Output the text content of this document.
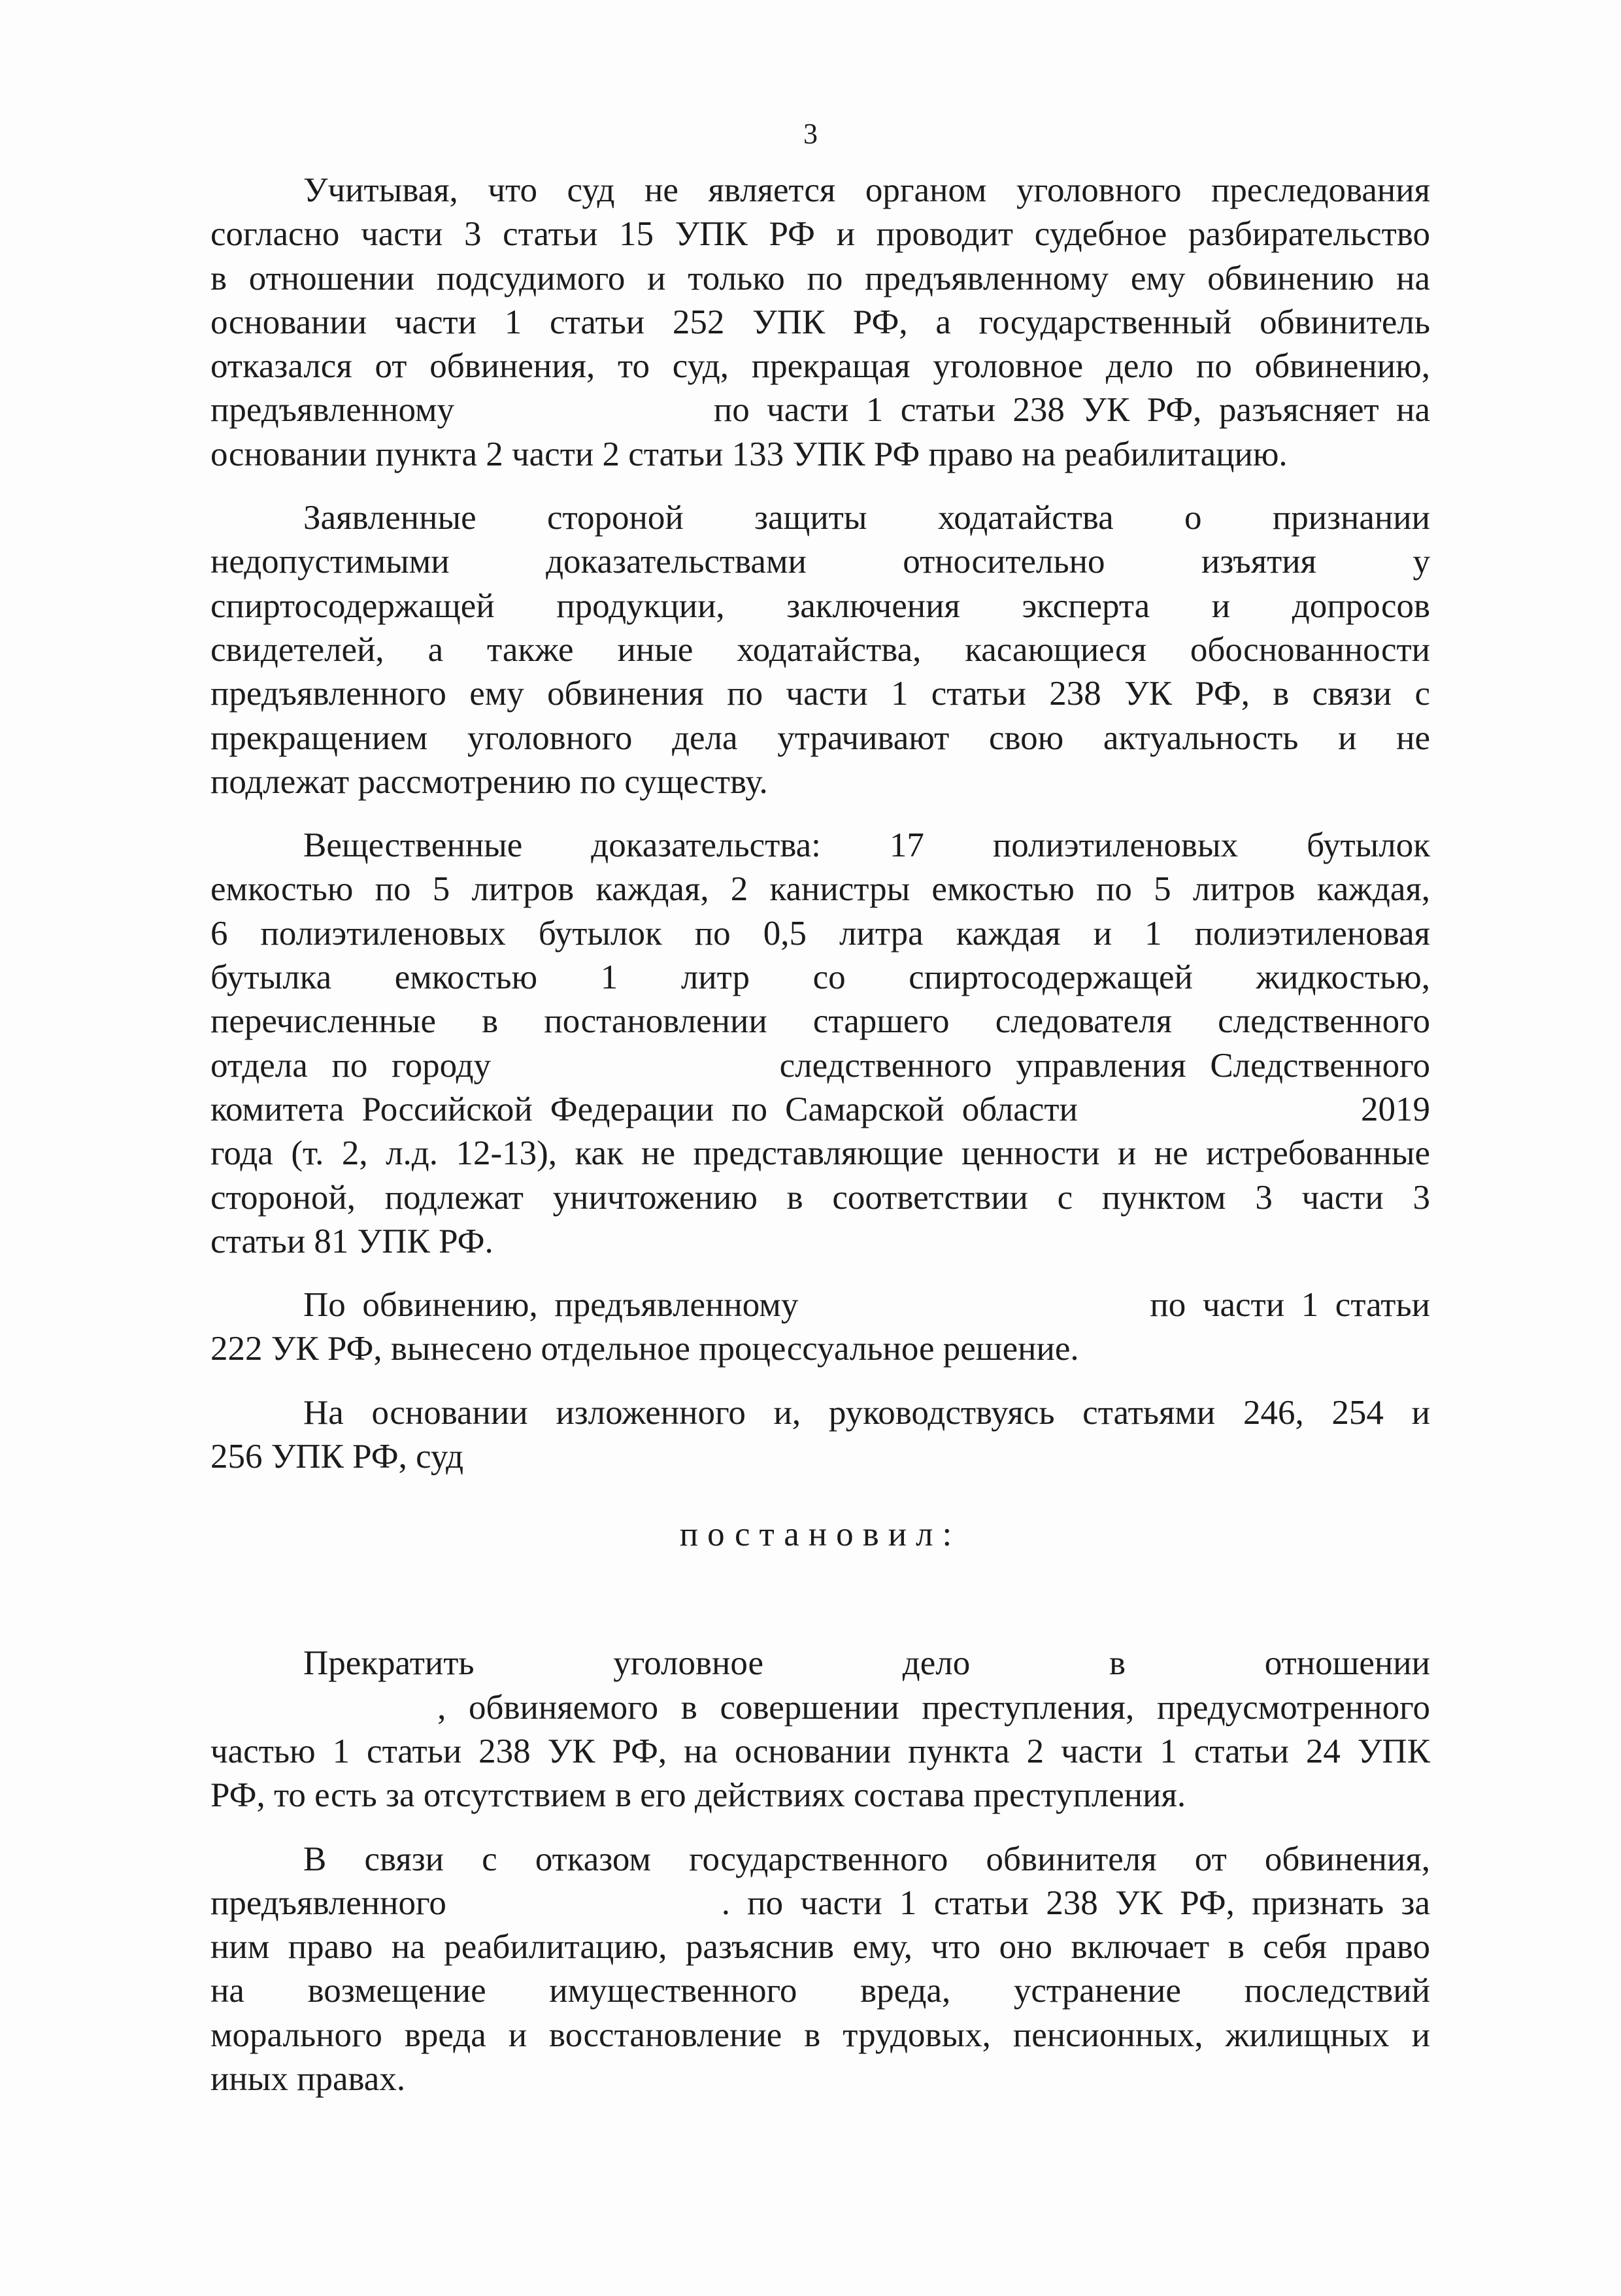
3
Учитывая, что суд не является органом уголовного преследования
согласно части 3 статьи 15 УПК РФ и проводит судебное разбирательство
в отношении подсудимого и только по предъявленному ему обвинению на
основании части 1 статьи 252 УПК РФ, а государственный обвинитель
отказался от обвинения, то суд, прекращая уголовное дело по обвинению,
предъявленному               по части 1 статьи 238 УК РФ, разъясняет на
основании пункта 2 части 2 статьи 133 УПК РФ право на реабилитацию.
Заявленные стороной защиты ходатайства о признании
недопустимыми доказательствами относительно изъятия у
спиртосодержащей продукции, заключения эксперта и допросов
свидетелей, а также иные ходатайства, касающиеся обоснованности
предъявленного ему обвинения по части 1 статьи 238 УК РФ, в связи с
прекращением уголовного дела утрачивают свою актуальность и не
подлежат рассмотрению по существу.
Вещественные доказательства: 17 полиэтиленовых бутылок
емкостью по 5 литров каждая, 2 канистры емкостью по 5 литров каждая,
6 полиэтиленовых бутылок по 0,5 литра каждая и 1 полиэтиленовая
бутылка емкостью 1 литр со спиртосодержащей жидкостью,
перечисленные в постановлении старшего следователя следственного
отдела по городу            следственного управления Следственного
комитета Российской Федерации по Самарской области                2019
года (т. 2, л.д. 12-13), как не представляющие ценности и не истребованные
стороной, подлежат уничтожению в соответствии с пунктом 3 части 3
статьи 81 УПК РФ.
По обвинению, предъявленному                     по части 1 статьи
222 УК РФ, вынесено отдельное процессуальное решение.
На основании изложенного и, руководствуясь статьями 246, 254 и
256 УПК РФ, суд
постановил:
Прекратить уголовное дело в отношении
, обвиняемого в совершении преступления, предусмотренного
частью 1 статьи 238 УК РФ, на основании пункта 2 части 1 статьи 24 УПК
РФ, то есть за отсутствием в его действиях состава преступления.
В связи с отказом государственного обвинителя от обвинения,
предъявленного                . по части 1 статьи 238 УК РФ, признать за
ним право на реабилитацию, разъяснив ему, что оно включает в себя право
на возмещение имущественного вреда, устранение последствий
морального вреда и восстановление в трудовых, пенсионных, жилищных и
иных правах.
